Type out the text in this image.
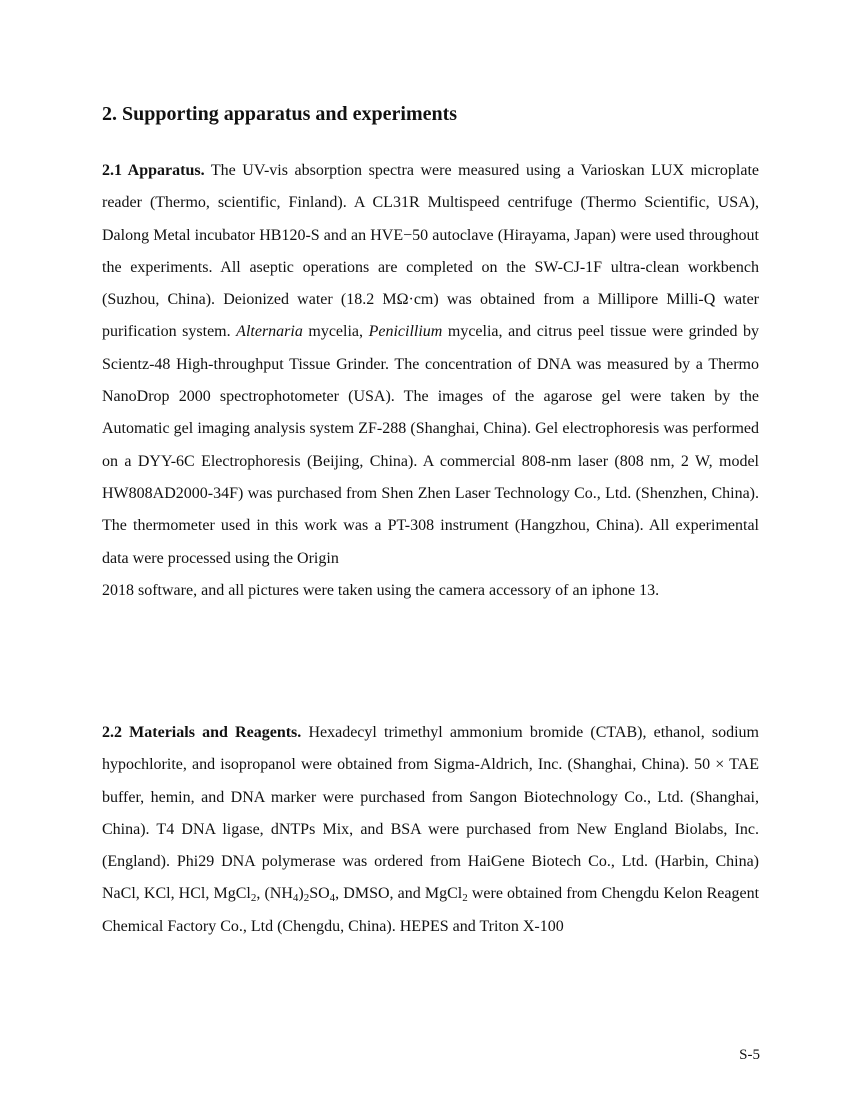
2. Supporting apparatus and experiments
2.1 Apparatus. The UV-vis absorption spectra were measured using a Varioskan LUX microplate reader (Thermo, scientific, Finland). A CL31R Multispeed centrifuge (Thermo Scientific, USA), Dalong Metal incubator HB120-S and an HVE−50 autoclave (Hirayama, Japan) were used throughout the experiments. All aseptic operations are completed on the SW-CJ-1F ultra-clean workbench (Suzhou, China). Deionized water (18.2 MΩ·cm) was obtained from a Millipore Milli-Q water purification system. Alternaria mycelia, Penicillium mycelia, and citrus peel tissue were grinded by Scientz-48 High-throughput Tissue Grinder. The concentration of DNA was measured by a Thermo NanoDrop 2000 spectrophotometer (USA). The images of the agarose gel were taken by the Automatic gel imaging analysis system ZF-288 (Shanghai, China). Gel electrophoresis was performed on a DYY-6C Electrophoresis (Beijing, China). A commercial 808-nm laser (808 nm, 2 W, model HW808AD2000-34F) was purchased from Shen Zhen Laser Technology Co., Ltd. (Shenzhen, China). The thermometer used in this work was a PT-308 instrument (Hangzhou, China). All experimental data were processed using the Origin
2018 software, and all pictures were taken using the camera accessory of an iphone 13.

2.2 Materials and Reagents. Hexadecyl trimethyl ammonium bromide (CTAB), ethanol, sodium hypochlorite, and isopropanol were obtained from Sigma-Aldrich, Inc. (Shanghai, China). 50 × TAE buffer, hemin, and DNA marker were purchased from Sangon Biotechnology Co., Ltd. (Shanghai, China). T4 DNA ligase, dNTPs Mix, and BSA were purchased from New England Biolabs, Inc. (England). Phi29 DNA polymerase was ordered from HaiGene Biotech Co., Ltd. (Harbin, China) NaCl, KCl, HCl, MgCl$_2$, $(NH_4)_2SO_4$, DMSO, and MgCl$_2$ were obtained from Chengdu Kelon Reagent Chemical Factory Co., Ltd (Chengdu, China). HEPES and Triton X-100

S-5
